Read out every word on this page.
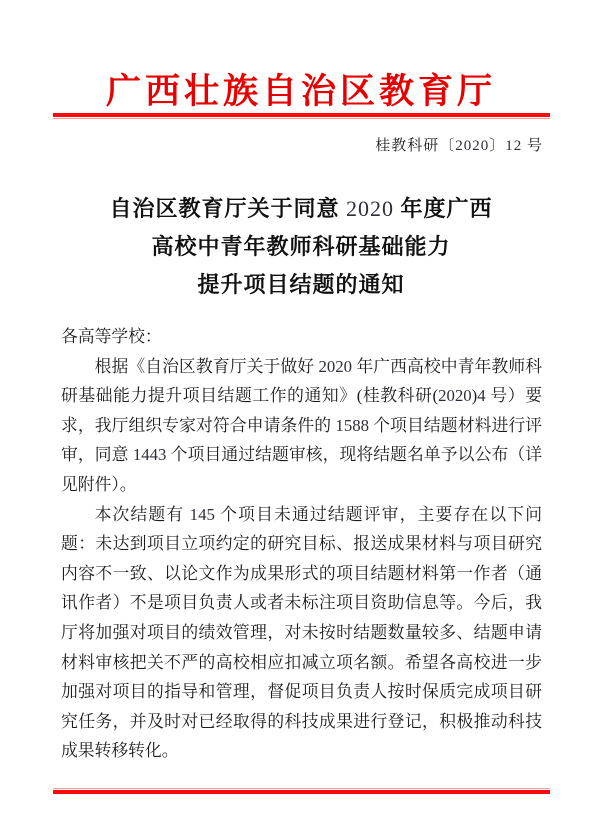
广西壮族自治区教育厅
桂教科研〔2020〕12 号
自治区教育厅关于同意 2020 年度广西
高校中青年教师科研基础能力
提升项目结题的通知

各高等学校：

根据《自治区教育厅关于做好 2020 年广西高校中青年教师科研基础能力提升项目结题工作的通知》(桂教科研(2020)4 号）要求，我厅组织专家对符合申请条件的 1588 个项目结题材料进行评审，同意 1443 个项目通过结题审核，现将结题名单予以公布（详见附件）。

本次结题有 145 个项目未通过结题评审，主要存在以下问题：未达到项目立项约定的研究目标、报送成果材料与项目研究内容不一致、以论文作为成果形式的项目结题材料第一作者（通讯作者）不是项目负责人或者未标注项目资助信息等。今后，我厅将加强对项目的绩效管理，对未按时结题数量较多、结题申请材料审核把关不严的高校相应扣减立项名额。希望各高校进一步加强对项目的指导和管理，督促项目负责人按时保质完成项目研究任务，并及时对已经取得的科技成果进行登记，积极推动科技成果转移转化。
